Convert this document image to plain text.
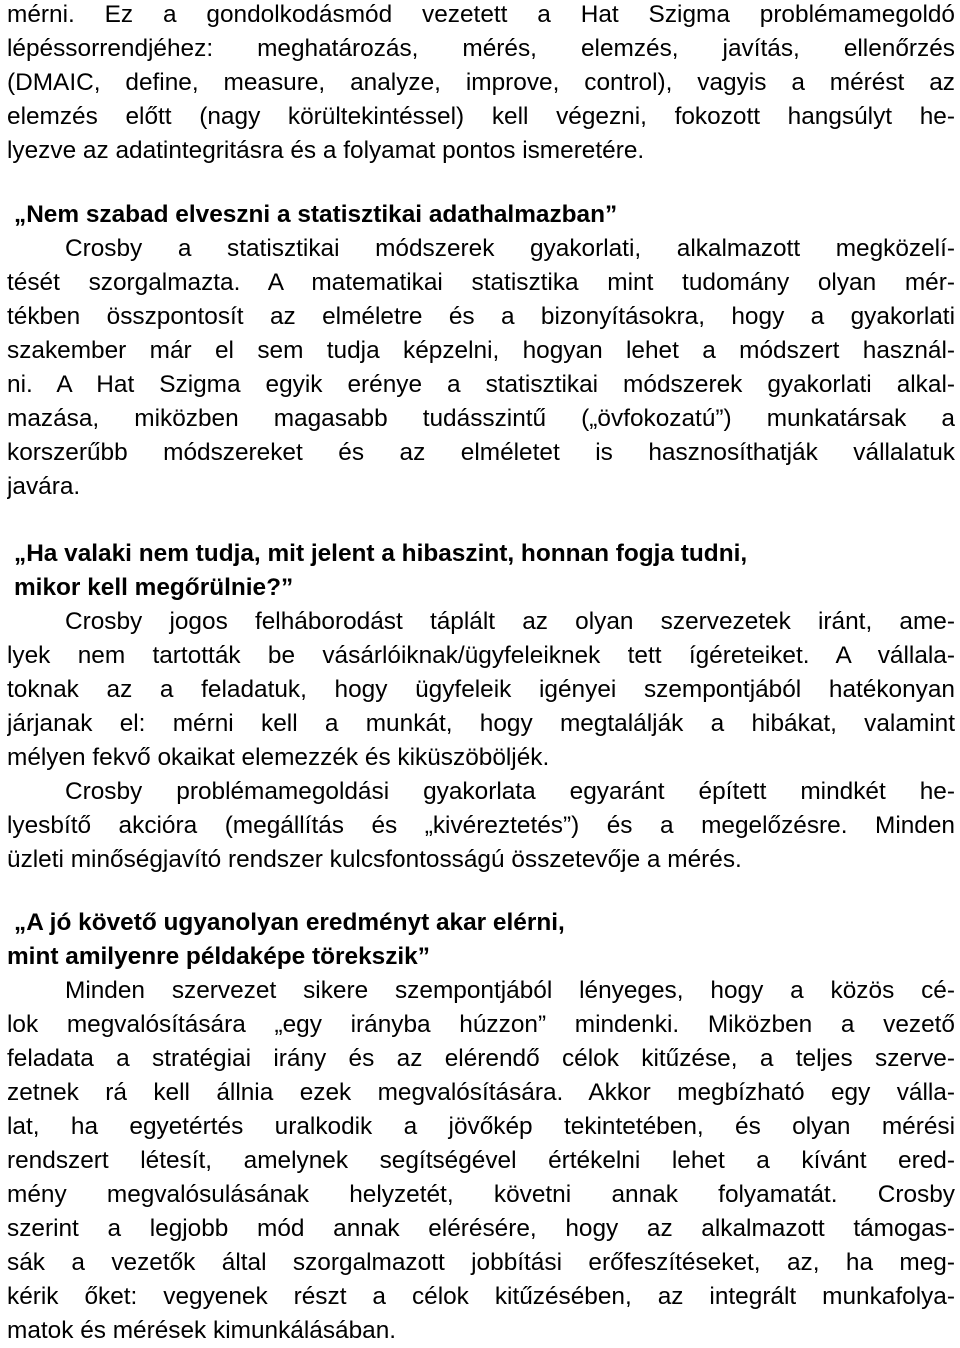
mérni. Ez a gondolkodásmód vezetett a Hat Szigma problémamegoldó
lépéssorrendjéhez: meghatározás, mérés, elemzés, javítás, ellenőrzés
(DMAIC, define, measure, analyze, improve, control), vagyis a mérést az
elemzés előtt (nagy körültekintéssel) kell végezni, fokozott hangsúlyt he-
lyezve az adatintegritásra és a folyamat pontos ismeretére.
„Nem szabad elveszni a statisztikai adathalmazban”
Crosby a statisztikai módszerek gyakorlati, alkalmazott megközelí-
tését szorgalmazta. A matematikai statisztika mint tudomány olyan mér-
tékben összpontosít az elméletre és a bizonyításokra, hogy a gyakorlati
szakember már el sem tudja képzelni, hogyan lehet a módszert használ-
ni. A Hat Szigma egyik erénye a statisztikai módszerek gyakorlati alkal-
mazása, miközben magasabb tudásszintű („övfokozatú”) munkatársak a
korszerűbb módszereket és az elméletet is hasznosíthatják vállalatuk
javára.
„Ha valaki nem tudja, mit jelent a hibaszint, honnan fogja tudni,
mikor kell megőrülnie?”
Crosby jogos felháborodást táplált az olyan szervezetek iránt, ame-
lyek nem tartották be vásárlóiknak/ügyfeleiknek tett ígéreteiket. A vállala-
toknak az a feladatuk, hogy ügyfeleik igényei szempontjából hatékonyan
járjanak el: mérni kell a munkát, hogy megtalálják a hibákat, valamint
mélyen fekvő okaikat elemezzék és kiküszöböljék.
Crosby problémamegoldási gyakorlata egyaránt épített mindkét he-
lyesbítő akcióra (megállítás és „kivéreztetés”) és a megelőzésre. Minden
üzleti minőségjavító rendszer kulcsfontosságú összetevője a mérés.
„A jó követő ugyanolyan eredményt akar elérni,
mint amilyenre példaképe törekszik”
Minden szervezet sikere szempontjából lényeges, hogy a közös cé-
lok megvalósítására „egy irányba húzzon” mindenki. Miközben a vezető
feladata a stratégiai irány és az elérendő célok kitűzése, a teljes szerve-
zetnek rá kell állnia ezek megvalósítására. Akkor megbízható egy válla-
lat, ha egyetértés uralkodik a jövőkép tekintetében, és olyan mérési
rendszert létesít, amelynek segítségével értékelni lehet a kívánt ered-
mény megvalósulásának helyzetét, követni annak folyamatát. Crosby
szerint a legjobb mód annak elérésére, hogy az alkalmazott támogas-
sák a vezetők által szorgalmazott jobbítási erőfeszítéseket, az, ha meg-
kérik őket: vegyenek részt a célok kitűzésében, az integrált munkafolya-
matok és mérések kimunkálásában.
